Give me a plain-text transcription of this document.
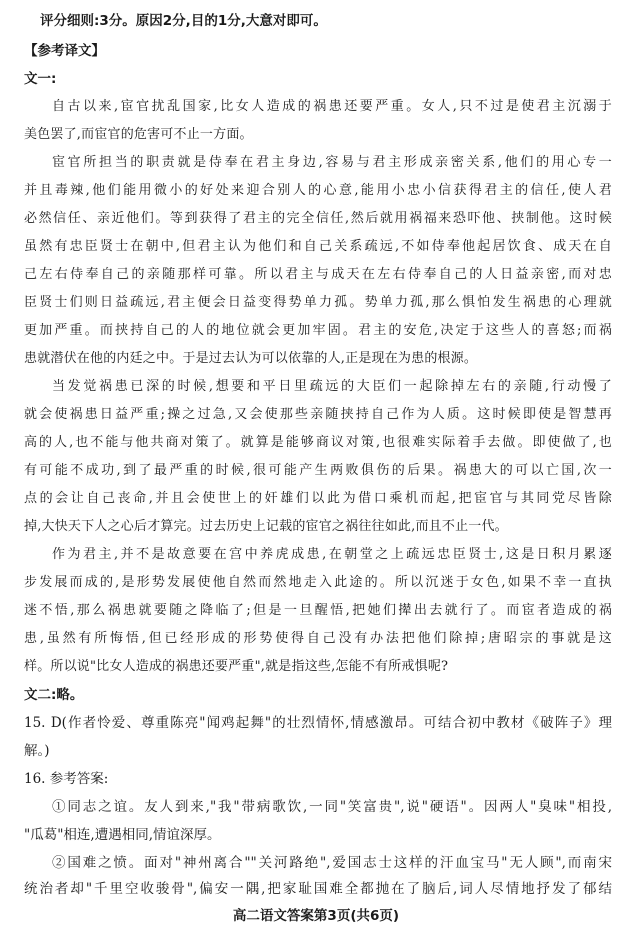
评分细则:3分。原因2分,目的1分,大意对即可。
【参考译文】
文一:
自古以来,宦官扰乱国家,比女人造成的祸患还要严重。女人,只不过是使君主沉溺于
美色罢了,而宦官的危害可不止一方面。
宦官所担当的职责就是侍奉在君主身边,容易与君主形成亲密关系,他们的用心专一
并且毒辣,他们能用微小的好处来迎合别人的心意,能用小忠小信获得君主的信任,使人君
必然信任、亲近他们。等到获得了君主的完全信任,然后就用祸福来恐吓他、挟制他。这时候
虽然有忠臣贤士在朝中,但君主认为他们和自己关系疏远,不如侍奉他起居饮食、成天在自
己左右侍奉自己的亲随那样可靠。所以君主与成天在左右侍奉自己的人日益亲密,而对忠
臣贤士们则日益疏远,君主便会日益变得势单力孤。势单力孤,那么惧怕发生祸患的心理就
更加严重。而挟持自己的人的地位就会更加牢固。君主的安危,决定于这些人的喜怒;而祸
患就潜伏在他的内廷之中。于是过去认为可以依靠的人,正是现在为患的根源。
当发觉祸患已深的时候,想要和平日里疏远的大臣们一起除掉左右的亲随,行动慢了
就会使祸患日益严重;操之过急,又会使那些亲随挟持自己作为人质。这时候即使是智慧再
高的人,也不能与他共商对策了。就算是能够商议对策,也很难实际着手去做。即使做了,也
有可能不成功,到了最严重的时候,很可能产生两败俱伤的后果。祸患大的可以亡国,次一
点的会让自己丧命,并且会使世上的奸雄们以此为借口乘机而起,把宦官与其同党尽皆除
掉,大快天下人之心后才算完。过去历史上记载的宦官之祸往往如此,而且不止一代。
作为君主,并不是故意要在宫中养虎成患,在朝堂之上疏远忠臣贤士,这是日积月累逐
步发展而成的,是形势发展使他自然而然地走入此途的。所以沉迷于女色,如果不幸一直执
迷不悟,那么祸患就要随之降临了;但是一旦醒悟,把她们撵出去就行了。而宦者造成的祸
患,虽然有所悔悟,但已经形成的形势使得自己没有办法把他们除掉;唐昭宗的事就是这
样。所以说"比女人造成的祸患还要严重",就是指这些,怎能不有所戒惧呢?
文二:略。
15. D(作者怜爱、尊重陈亮"闻鸡起舞"的壮烈情怀,情感激昂。可结合初中教材《破阵子》理
解。)
16. 参考答案:
①同志之谊。友人到来,"我"带病歌饮,一同"笑富贵",说"硬语"。因两人"臭味"相投,
"瓜葛"相连,遭遇相同,情谊深厚。
②国难之愤。面对"神州离合""关河路绝",爱国志士这样的汗血宝马"无人顾",而南宋
统治者却"千里空收骏骨",偏安一隅,把家耻国难全都抛在了脑后,词人尽情地抒发了郁结
高二语文答案第3页(共6页)
